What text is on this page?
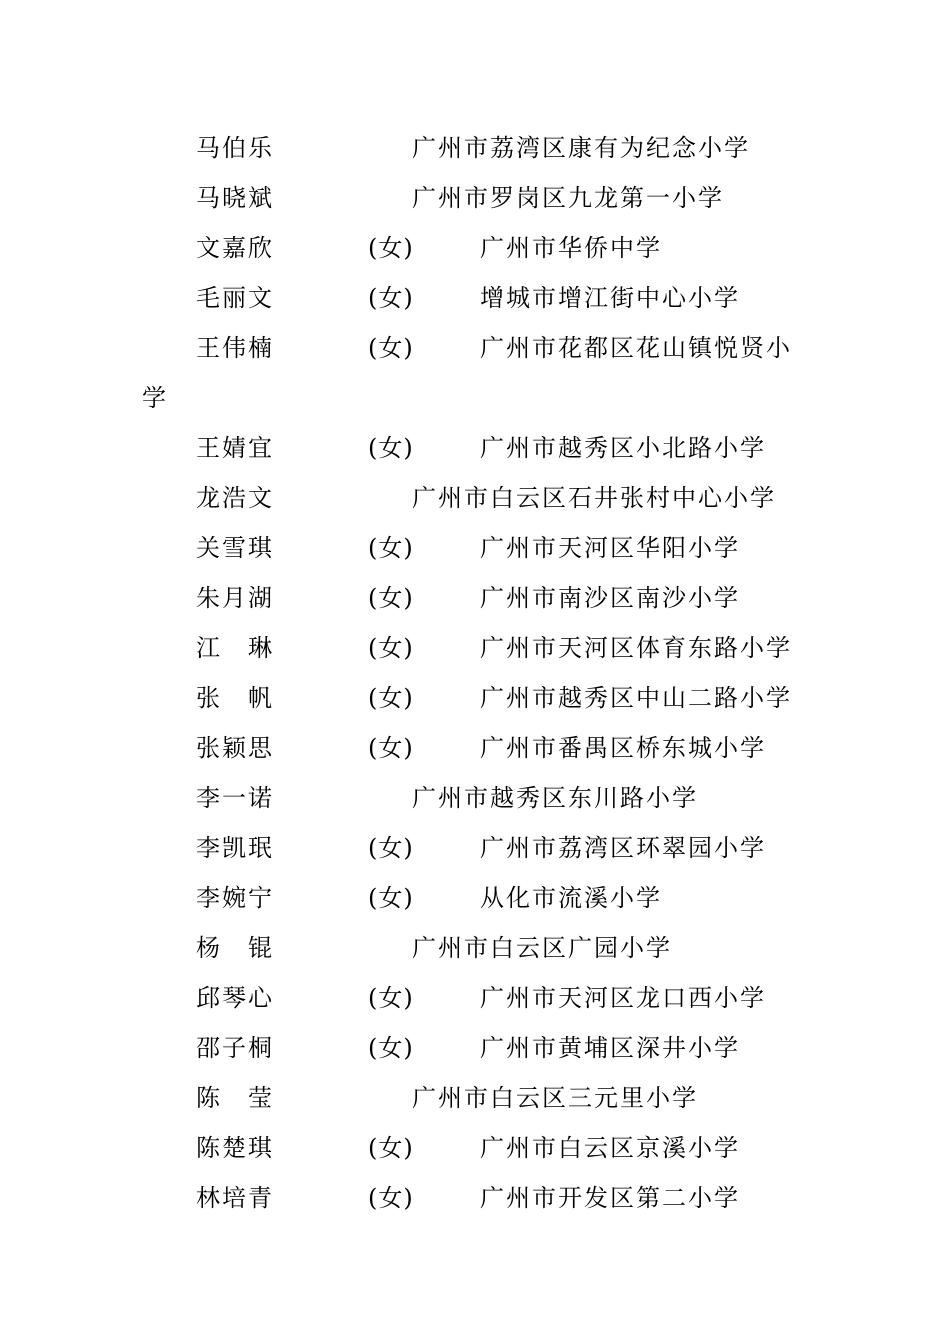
马伯乐	广州市荔湾区康有为纪念小学
马晓斌	广州市罗岗区九龙第一小学
文嘉欣	(女)	广州市华侨中学
毛丽文	(女)	增城市增江街中心小学
王伟楠	(女)	广州市花都区花山镇悦贤小
学
王婧宜	(女)	广州市越秀区小北路小学
龙浩文	广州市白云区石井张村中心小学
关雪琪	(女)	广州市天河区华阳小学
朱月湖	(女)	广州市南沙区南沙小学
江　琳	(女)	广州市天河区体育东路小学
张　帆	(女)	广州市越秀区中山二路小学
张颖思	(女)	广州市番禺区桥东城小学
李一诺	广州市越秀区东川路小学
李凯珉	(女)	广州市荔湾区环翠园小学
李婉宁	(女)	从化市流溪小学
杨　锟	广州市白云区广园小学
邱琴心	(女)	广州市天河区龙口西小学
邵子桐	(女)	广州市黄埔区深井小学
陈　莹	广州市白云区三元里小学
陈楚琪	(女)	广州市白云区京溪小学
林培青	(女)	广州市开发区第二小学
